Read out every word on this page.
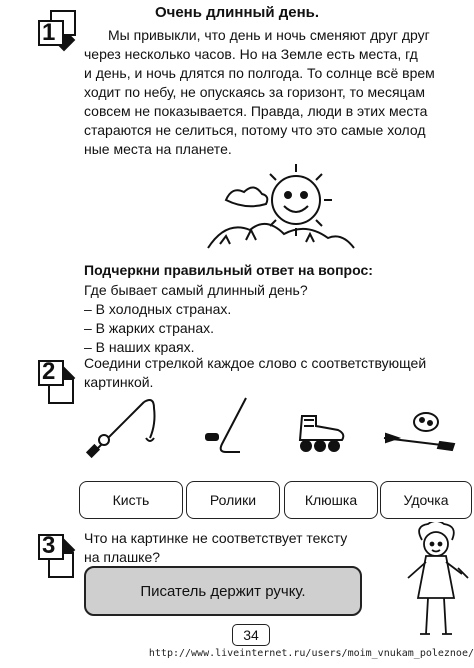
1
Очень длинный день.
Мы привыкли, что день и ночь сменяют друг друг
через несколько часов. Но на Земле есть места, гд
и день, и ночь длятся по полгода. То солнце всё врем
ходит по небу, не опускаясь за горизонт, то месяцам
совсем не показывается. Правда, люди в этих места
стараются не селиться, потому что это самые холод
ные места на планете.
Подчеркни правильный ответ на вопрос:
Где бывает самый длинный день?
– В холодных странах.
– В жарких странах.
– В наших краях.
2 Соедини стрелкой каждое слово с соответствующей
картинкой.
Кисть	Ролики	Клюшка	Удочка
3 Что на картинке не соответствует тексту
на плашке?
Писатель держит ручку.
34
http://www.liveinternet.ru/users/moim_vnukam_poleznoe/
